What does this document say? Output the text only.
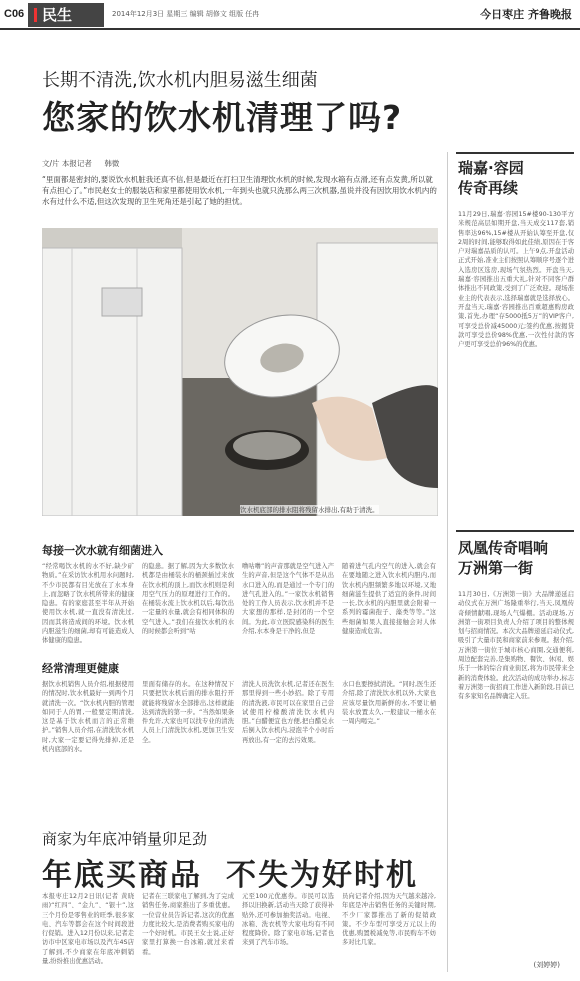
C06	民生	2014年12月3日 星期三 编辑 胡修文 组版 任冉	今日枣庄 齐鲁晚报
长期不清洗,饮水机内胆易滋生细菌
您家的饮水机清理了吗?
文/片 本报记者 韩微
“里面都是密封的,要说饮水机脏我还真不信,但是最近在打扫卫生清理饮水机的时候,发现水箱有点滑,还有点发黄,所以就有点担心了。”市民赵女士的服装店和家里都使用饮水机,一年到头也就只洗那么两三次机器,虽说并没有因饮用饮水机内的水有过什么不适,但这次发现的卫生死角还是引起了她的担忧。
饮水机底部的排水阻将残留水排出,有助于清洗。
每接一次水就有细菌进入
“经常喝饮水机的水不好,缺少矿物质。”在采访饮水机用水问题时,不少市民都有目光放在了水本身上,而忽略了饮水机所带来的健康隐患。有的家庭甚至半年从开始使用饮水机,就一直没有清洗过,因而其将造成间的环境。饮水机内胆滋生的细菌,却有可能造成人体健康的隐患。
的隐患。据了解,因为大多数饮水机都是由桶装水的桶颈插过来放在饮水机的顶上,而饮水机则是利用空气压力的原理进行工作的。在桶装水流上饮水机以后,每饮出一定量的水量,就会有相同体积的空气进入。”我们在接饮水机的水的时候都会听到“咕
噜咕噜”的声音那就是空气进入产生的声音,但是这个气体不是从出水口进入的,而是通过一个专门的进气孔进入的。”一家饮水机销售处的工作人员表示,饮水机并不是大家想的那样,是封闭的一个空间。为此,市立医院感染科的医生介绍,水本身是干净的,但是
随着进气孔内空气的进入,就会有在要地随之进入饮水机内胆内,而饮水机内胆频繁多地以环境,又地细菌滋生提供了适宜的条件,时间一长,饮水机的内胆里就会附着一系列的霉菌孢子、藻类等等。”这些细菌如果人直接接触会对人体健康造成危害。
经常清理更健康
据饮水机销售人员介绍,根据使用的情况时,饮水机最好一到两个月就清洗一次。“饮水机内胆的管理如同于人的胃,一般要定期清洗,这是基于饮水机而言的正常维护。”销售人员介绍,在清洗饮水机时,大家一定要记得先排掉,还是机内底部的水。
里面有储存的水。在这种情况下只要把饮水机后面的排水阻拧开就能将残留水全部排出,这样就能达到清洗的第一步。“当然如果条件允许,大家也可以找专业的清洗人员上门清洗饮水机,更加卫生安全。
清洗人员洗饮水机,记者还在医生那里得到一些小妙招。除了专用的清洗液,市民可以在家里自己尝试使用柠檬酸清洗饮水机内胆。”白醋便宜也方便,把白醋兑水后倒入饮水机内,浸泡半个小时后再放出,有一定的去污效果。
水口也要擦拭清洗。“同时,医生还介绍,除了清洗饮水机以外,大家也应该尽量饮用新鲜的水,不要让桶装水放置太久,一般建议一桶水在一周内喝完。”
商家为年底冲销量卯足劲
年底买商品 不失为好时机
本报枣庄12月2日讯(记者 黄晓雨)“红四”、“金九”、“银十”,这三个月份是零售业的旺季,很多家电、汽车等都会在这个时间段进行促销。进入12月份以来,记者走访市中区家电市场以及汽车4S店了解到,不少商家在年底冲刺销量,纷纷推出优惠活动。
记者在三联家电了解到,为了完成销售任务,商家推出了多重优惠。一位营业员告诉记者,这次的优惠力度比较大,是消费者购买家电的一个好时机。市民王女士说,正好家里打算换一台冰箱,就过来看看。
元至100元优惠券。市民可以选择以旧换新,活动当天除了获得补贴外,还可参加抽奖活动。电视、冰箱、洗衣机等大家电均有不同程度降价。除了家电市场,记者也来到了汽车市场。
员向记者介绍,因为天气越来越冷,年底是冲击销售任务的关键时期,不少厂家都推出了新的促销政策。不少车型可享受万元以上的优惠,购置税减免等,市民购车不妨多对比几家。
瑞嘉·容园
传奇再续
11月29日,瑞嘉·容园15#楼90-130平方米规范高层如期开盘,当天成交117套,销售率达96%,15#楼从开始认筹至开盘,仅2周的时间,能够取得如此佳绩,原因在于客户对瑞嘉品质的认可。上午9点,开盘活动正式开始,准业主们按照认筹顺序号逐个进入选房区选房,现场气氛热烈。开盘当天,瑞嘉·容园推出五重大礼,针对不同客户群体推出不同政策,受到了广泛欢迎。现场准业主的代表表示,选择瑞嘉就是选择放心。开盘当天,瑞嘉·容园推出百重超惠购房政策,首先,办理“存5000抵5万”的VIP客户,可享受总价减45000元;签约优惠,按揭贷款可享受总价98%优惠,一次性付款的客户更可享受总价96%的优惠。
凤凰传奇唱响
万洲第一街
11月30日,《万洲第一街》大品牌递延启动仪式在万洲广场隆重举行,当天,凤凰传奇倾情献唱,现场人气爆棚。活动现场,万洲第一街项目负责人介绍了项目的整体规划与招商情况。本次大品牌递延启动仪式,吸引了大量市民和商家前来参观。据介绍,万洲第一街位于城市核心商圈,交通便利,周边配套完善,是集购物、餐饮、休闲、娱乐于一体的综合商业街区,将为市民带来全新的消费体验。此次活动的成功举办,标志着万洲第一街招商工作进入新阶段,目前已有多家知名品牌确定入驻。
(刘婷婷)
